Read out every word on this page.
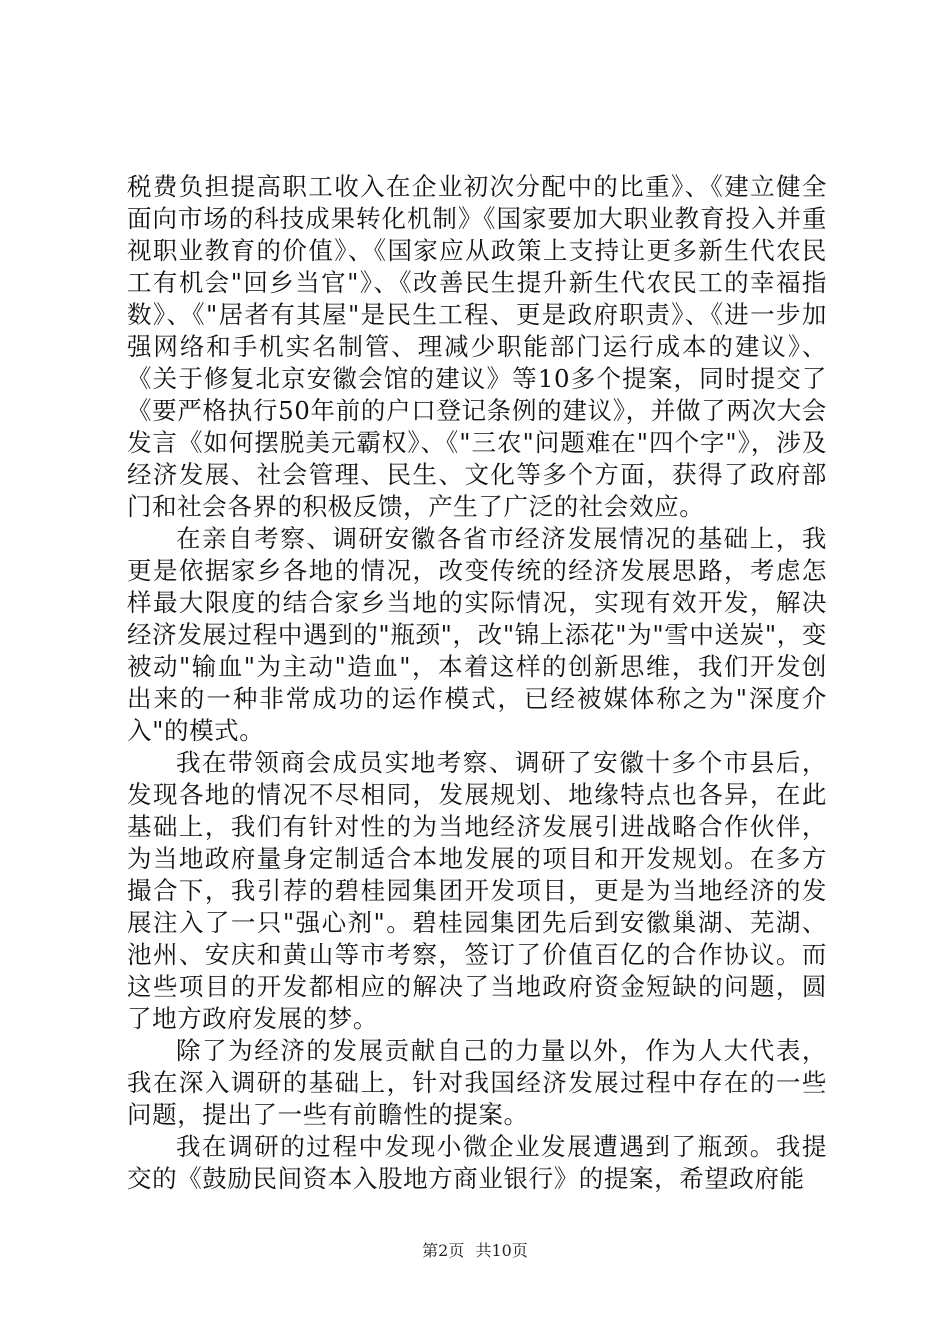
税费负担提高职工收入在企业初次分配中的比重》、《建立健全面向市场的科技成果转化机制》《国家要加大职业教育投入并重视职业教育的价值》、《国家应从政策上支持让更多新生代农民工有机会"回乡当官"》、《改善民生提升新生代农民工的幸福指数》、《"居者有其屋"是民生工程、更是政府职责》、《进一步加强网络和手机实名制管、理减少职能部门运行成本的建议》、《关于修复北京安徽会馆的建议》等10多个提案，同时提交了《要严格执行50年前的户口登记条例的建议》，并做了两次大会发言《如何摆脱美元霸权》、《"三农"问题难在"四个字"》，涉及经济发展、社会管理、民生、文化等多个方面，获得了政府部门和社会各界的积极反馈，产生了广泛的社会效应。

在亲自考察、调研安徽各省市经济发展情况的基础上，我更是依据家乡各地的情况，改变传统的经济发展思路，考虑怎样最大限度的结合家乡当地的实际情况，实现有效开发，解决经济发展过程中遇到的"瓶颈"，改"锦上添花"为"雪中送炭"，变被动"输血"为主动"造血"，本着这样的创新思维，我们开发创出来的一种非常成功的运作模式，已经被媒体称之为"深度介入"的模式。

我在带领商会成员实地考察、调研了安徽十多个市县后，发现各地的情况不尽相同，发展规划、地缘特点也各异，在此基础上，我们有针对性的为当地经济发展引进战略合作伙伴，为当地政府量身定制适合本地发展的项目和开发规划。在多方撮合下，我引荐的碧桂园集团开发项目，更是为当地经济的发展注入了一只"强心剂"。碧桂园集团先后到安徽巢湖、芜湖、池州、安庆和黄山等市考察，签订了价值百亿的合作协议。而这些项目的开发都相应的解决了当地政府资金短缺的问题，圆了地方政府发展的梦。

除了为经济的发展贡献自己的力量以外，作为人大代表，我在深入调研的基础上，针对我国经济发展过程中存在的一些问题，提出了一些有前瞻性的提案。

我在调研的过程中发现小微企业发展遭遇到了瓶颈。我提交的《鼓励民间资本入股地方商业银行》的提案，希望政府能

第2页 共10页
